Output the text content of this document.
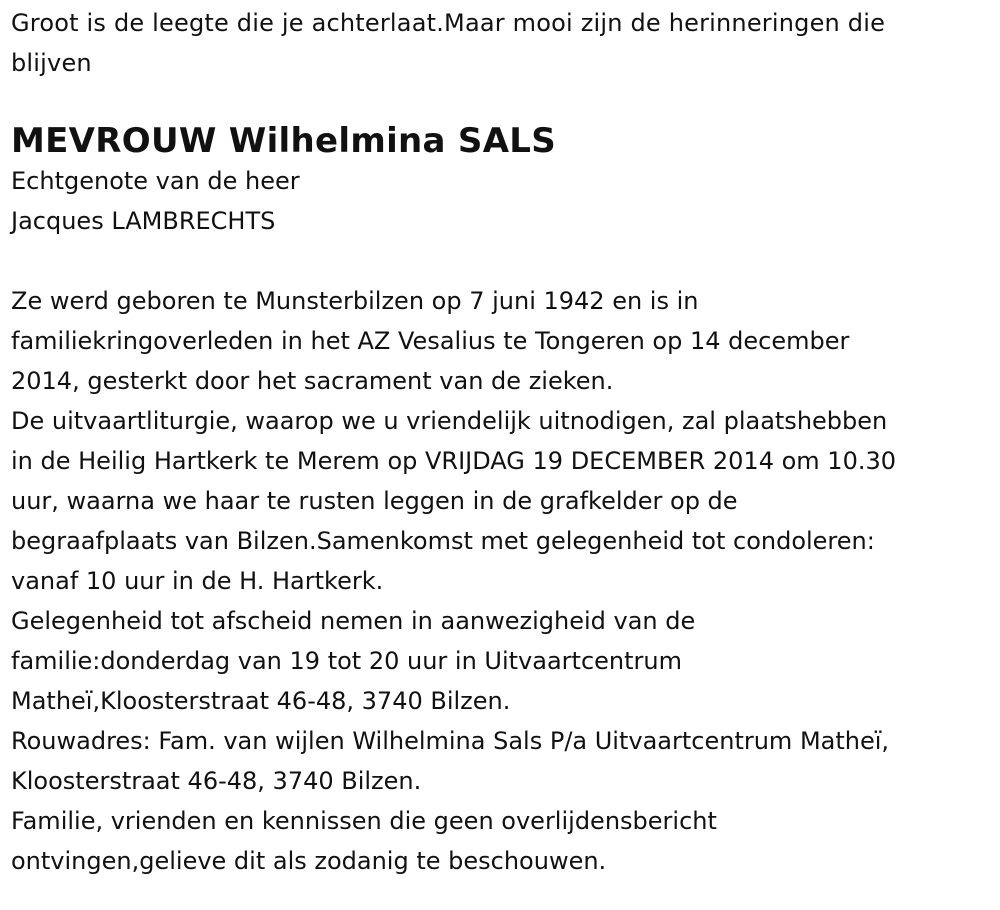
Groot is de leegte die je achterlaat.Maar mooi zijn de herinneringen die
blijven
MEVROUW Wilhelmina SALS
Echtgenote van de heer
Jacques LAMBRECHTS

Ze werd geboren te Munsterbilzen op 7 juni 1942 en is in

familiekringoverleden in het AZ Vesalius te Tongeren op 14 december

2014, gesterkt door het sacrament van de zieken.

De uitvaartliturgie, waarop we u vriendelijk uitnodigen, zal plaatshebben

in de Heilig Hartkerk te Merem op VRIJDAG 19 DECEMBER 2014 om 10.30

uur, waarna we haar te rusten leggen in de grafkelder op de

begraafplaats van Bilzen.Samenkomst met gelegenheid tot condoleren:

vanaf 10 uur in de H. Hartkerk.

Gelegenheid tot afscheid nemen in aanwezigheid van de

familie:donderdag van 19 tot 20 uur in Uitvaartcentrum

Matheï,Kloosterstraat 46-48, 3740 Bilzen.

Rouwadres: Fam. van wijlen Wilhelmina Sals P/a Uitvaartcentrum Matheï,

Kloosterstraat 46-48, 3740 Bilzen.

Familie, vrienden en kennissen die geen overlijdensbericht

ontvingen,gelieve dit als zodanig te beschouwen.
